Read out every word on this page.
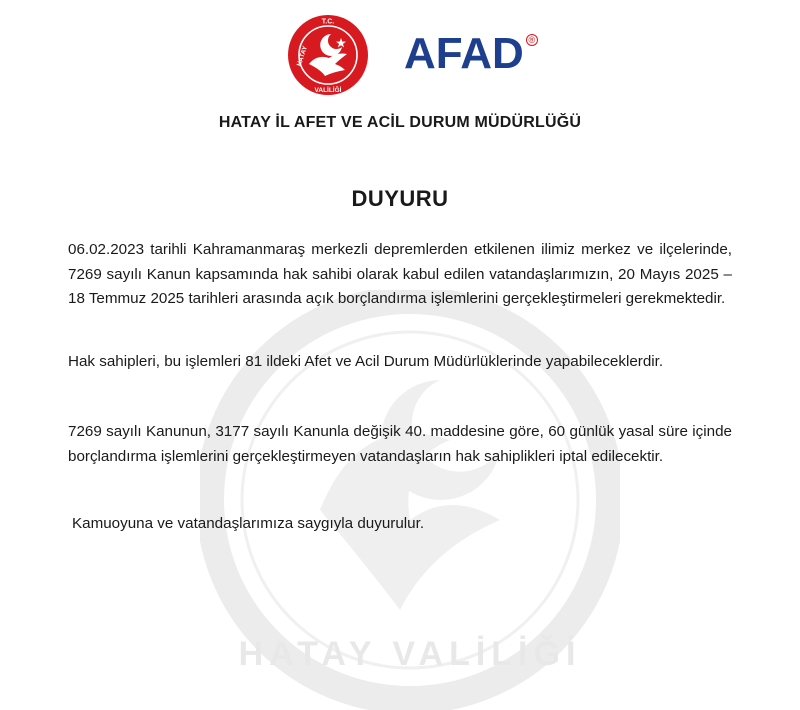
HATAY VALİLİĞİ
T.C.
HATAY
VALİLİĞİ
AFAD ®
HATAY İL AFET VE ACİL DURUM MÜDÜRLÜĞÜ
DUYURU
06.02.2023 tarihli Kahramanmaraş merkezli depremlerden etkilenen ilimiz merkez ve ilçelerinde, 7269 sayılı Kanun kapsamında hak sahibi olarak kabul edilen vatandaşlarımızın, 20 Mayıs 2025 – 18 Temmuz 2025 tarihleri arasında açık borçlandırma işlemlerini gerçekleştirmeleri gerekmektedir.
Hak sahipleri, bu işlemleri 81 ildeki Afet ve Acil Durum Müdürlüklerinde yapabileceklerdir.
7269 sayılı Kanunun, 3177 sayılı Kanunla değişik 40. maddesine göre, 60 günlük yasal süre içinde borçlandırma işlemlerini gerçekleştirmeyen vatandaşların hak sahiplikleri iptal edilecektir.
Kamuoyuna ve vatandaşlarımıza saygıyla duyurulur.
